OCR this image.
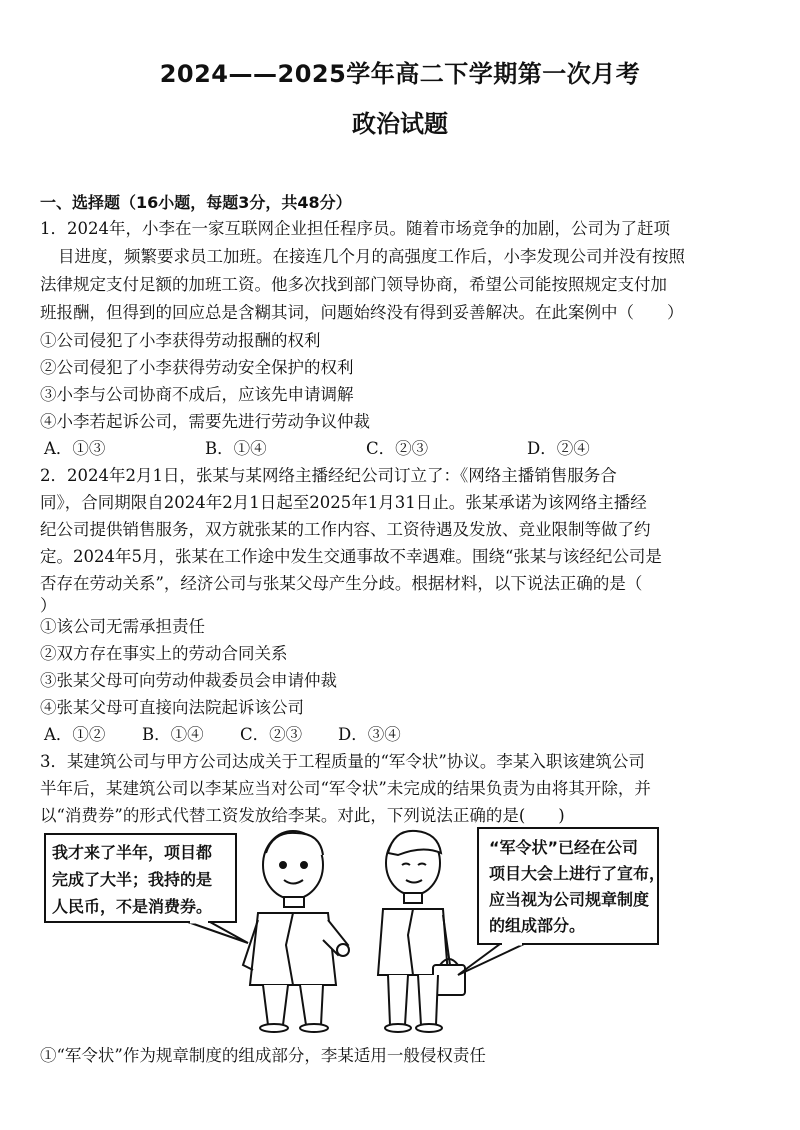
2024——2025学年高二下学期第一次月考
政治试题
一、选择题（16小题，每题3分，共48分）
1．2024年，小李在一家互联网企业担任程序员。随着市场竞争的加剧，公司为了赶项
目进度，频繁要求员工加班。在接连几个月的高强度工作后，小李发现公司并没有按照
法律规定支付足额的加班工资。他多次找到部门领导协商，希望公司能按照规定支付加
班报酬，但得到的回应总是含糊其词，问题始终没有得到妥善解决。在此案例中（　　）
①公司侵犯了小李获得劳动报酬的权利
②公司侵犯了小李获得劳动安全保护的权利
③小李与公司协商不成后，应该先申请调解
④小李若起诉公司，需要先进行劳动争议仲裁
A．①③	B．①④	C．②③	D．②④
2．2024年2月1日，张某与某网络主播经纪公司订立了：《网络主播销售服务合
同》，合同期限自2024年2月1日起至2025年1月31日止。张某承诺为该网络主播经
纪公司提供销售服务，双方就张某的工作内容、工资待遇及发放、竞业限制等做了约
定。2024年5月，张某在工作途中发生交通事故不幸遇难。围绕“张某与该经纪公司是
否存在劳动关系”，经济公司与张某父母产生分歧。根据材料，以下说法正确的是（
）
①该公司无需承担责任
②双方存在事实上的劳动合同关系
③张某父母可向劳动仲裁委员会申请仲裁
④张某父母可直接向法院起诉该公司
A．①② B．①④ C．②③ D．③④
3．某建筑公司与甲方公司达成关于工程质量的“军令状”协议。李某入职该建筑公司
半年后，某建筑公司以李某应当对公司“军令状”未完成的结果负责为由将其开除，并
以“消费券”的形式代替工资发放给李某。对此，下列说法正确的是(　　)
我才来了半年，项目都
完成了大半；我持的是
人民币，不是消费券。
“军令状”已经在公司
项目大会上进行了宣布，
应当视为公司规章制度
的组成部分。
①“军令状”作为规章制度的组成部分，李某适用一般侵权责任
